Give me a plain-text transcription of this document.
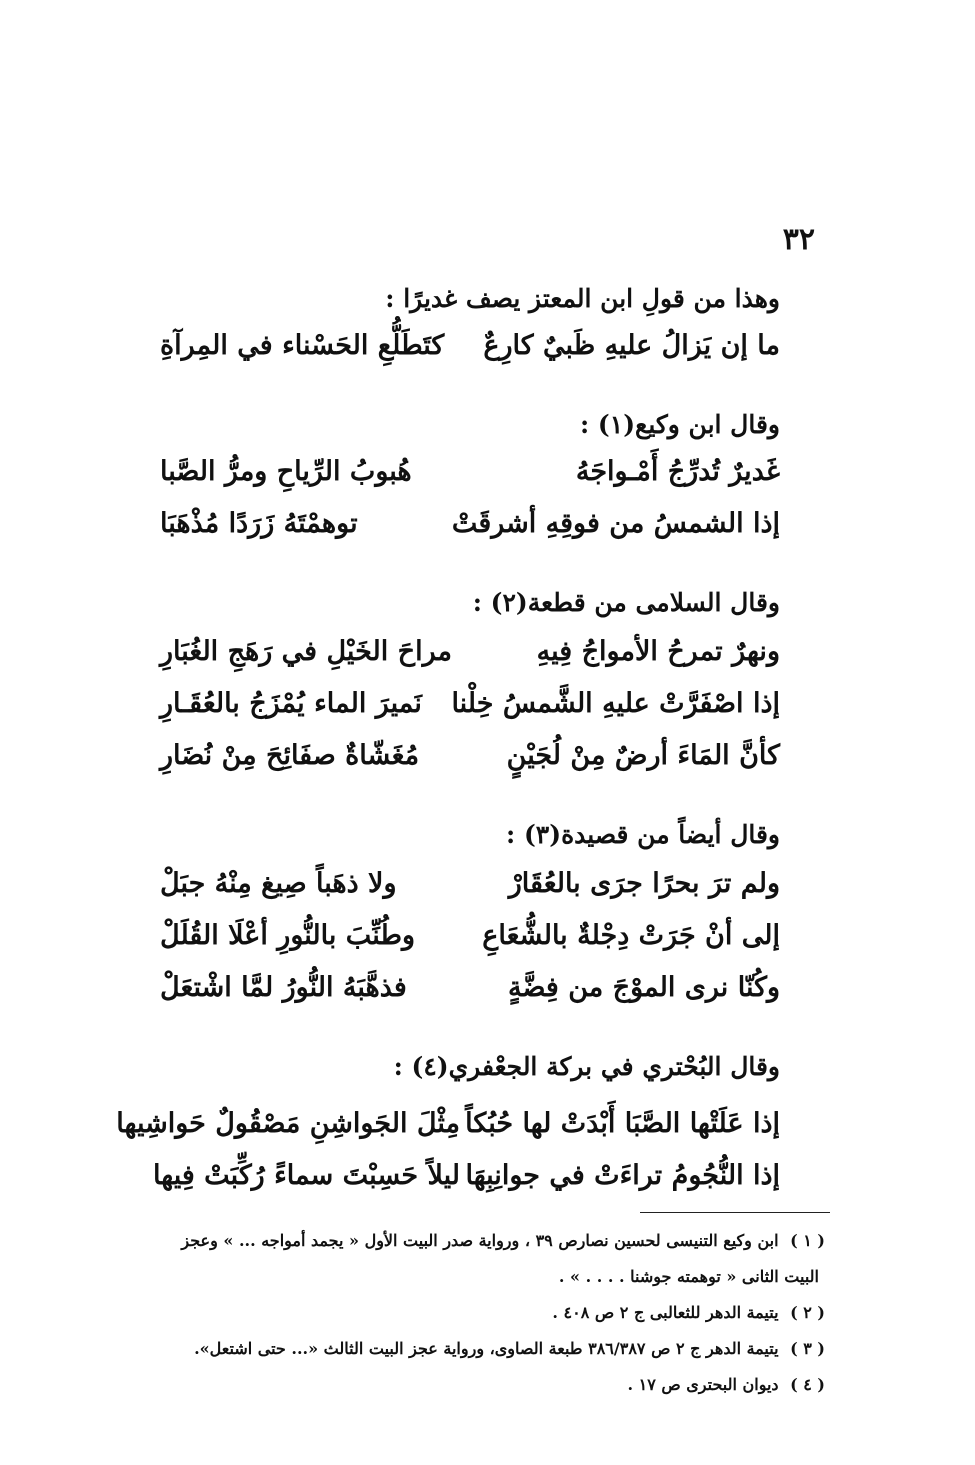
٣٢
وهذا من قولِ ابن المعتز يصف غديرًا :
ما إن يَزالُ عليهِ ظَبيٌ كارِعٌ
كتَطَلُّعِ الحَسْناء في المِرآةِ
وقال ابن وكيع(١) :
غَديرٌ تُدرِّجُ أَمْـواجَهُ
هُبوبُ الرِّياحِ ومرُّ الصَّبا
إذا الشمسُ من فوقِهِ أشرقَتْ
توهمْتَهُ زَرَدًا مُذْهَبَا
وقال السلامى من قطعة(٢) :
ونهرٌ تمرحُ الأمواجُ فِيهِ
مراحَ الخَيْلِ في رَهَجِ الغُبَارِ
إذا اصْفَرَّتْ عليهِ الشَّمسُ خِلْنا
نَميرَ الماء يُمْزَجُ بالعُقَـارِ
كأنَّ المَاءَ أرضٌ مِنْ لُجَيْنٍ
مُغَشّاةٌ صفَائِحَ مِنْ نُضَارِ
وقال أيضاً من قصيدة(٣) :
ولم ترَ بحرًا جرَى بالعُقَارْ
ولا ذهَباً صِيغ مِنْهُ جبَلْ
إلى أنْ جَرَتْ دِجْلةٌ بالشُّعَاعِ
وطُنِّبَ بالنُّورِ أعْلَا القُلَلْ
وكُنّا نرى الموْجَ من فِضَّةٍ
فذهَّبَهُ النُّورُ لمَّا اشْتعَلْ
وقال البُحْتري في بركة الجعْفري(٤) :
إذا عَلَتْها الصَّبَا أَبْدَتْ لها حُبُكاً
مِثْلَ الجَواشِنِ مَصْقُولٌ حَواشِيها
إذا النُّجُومُ تراءَتْ في جوانِبِهَا
ليلاً حَسِبْتَ سماءً رُكِّبَتْ فِيها
( ١ ) ابن وكيع التنيسى لحسين نصارص ٣٩ ، ورواية صدر البيت الأول « يجمد أمواجه ... » وعجز
البيت الثانى « توهمته جوشنا . . . . » .
( ٢ ) يتيمة الدهر للثعالبى ج ٢ ص ٤٠٨ .
( ٣ ) يتيمة الدهر ج ٢ ص ٣٨٦/٣٨٧ طبعة الصاوى، ورواية عجز البيت الثالث «... حتى اشتعل».
( ٤ ) ديوان البحترى ص ١٧ .
